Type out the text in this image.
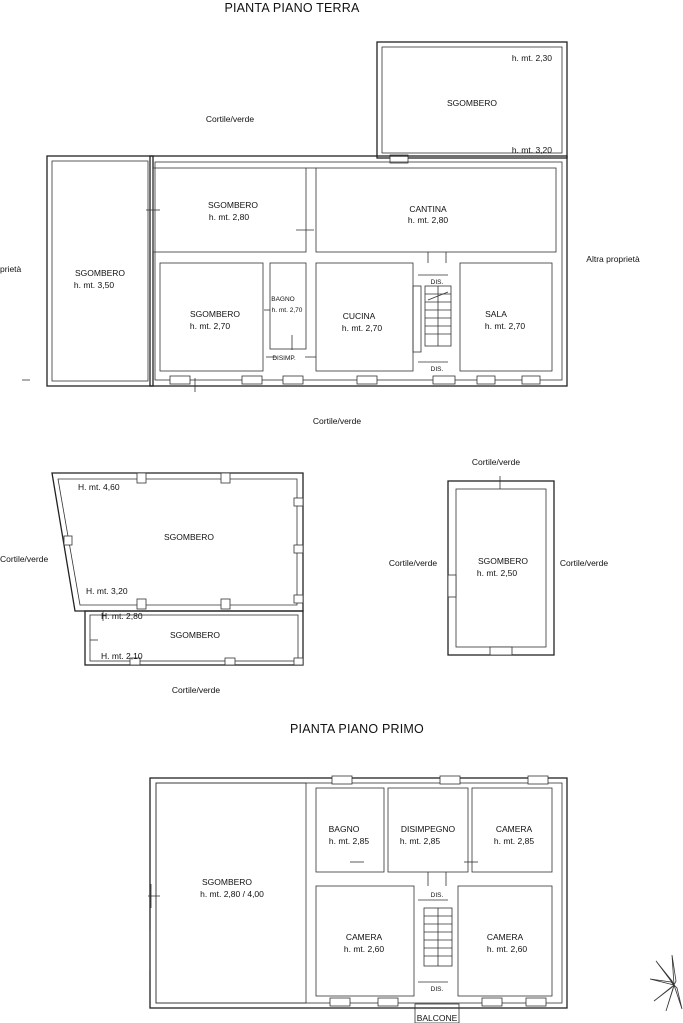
PIANTA PIANO TERRA
PIANTA PIANO PRIMO
h. mt. 2,30
SGOMBERO
h. mt. 3,20
SGOMBERO
h. mt. 3,50
SGOMBERO
h. mt. 2,80
CANTINA
h. mt. 2,80
SGOMBERO
h. mt. 2,70
BAGNO
h. mt. 2,70
CUCINA
h. mt. 2,70
SALA
h. mt. 2,70
DISIMP.
DIS.
DIS.
Cortile/verde
prietà
Altra proprietà
Cortile/verde
H. mt. 4,60
SGOMBERO
H. mt. 3,20
H. mt. 2,80
SGOMBERO
H. mt. 2,10
Cortile/verde
Cortile/verde
SGOMBERO
h. mt. 2,50
Cortile/verde
Cortile/verde	Cortile/verde
SGOMBERO
h. mt. 2,80 / 4,00
BAGNO
h. mt. 2,85
DISIMPEGNO
h. mt. 2,85
CAMERA
h. mt. 2,85
CAMERA
h. mt. 2,60
CAMERA
h. mt. 2,60
DIS.
DIS.
BALCONE
